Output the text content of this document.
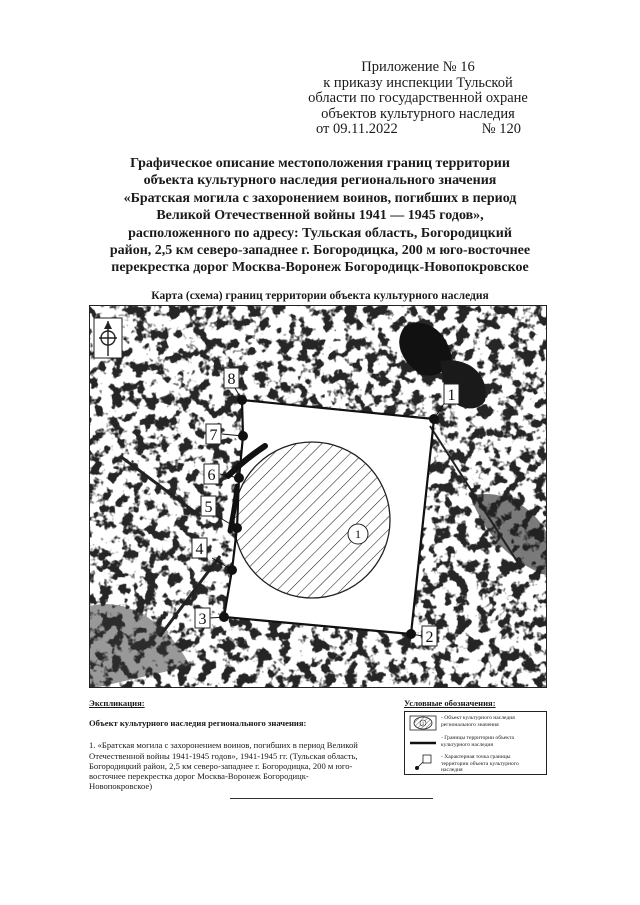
Приложение № 16
к приказу инспекции Тульской
области по государственной охране
объектов культурного наследия
от 09.11.2022	№ 120
Графическое описание местоположения границ территории
объекта культурного наследия регионального значения
«Братская могила с захоронением воинов, погибших в период
Великой Отечественной войны 1941 — 1945 годов»,
расположенного по адресу: Тульская область, Богородицкий
район, 2,5 км северо-западнее г. Богородицка, 200 м юго-восточнее
перекрестка дорог Москва-Воронеж Богородицк-Новопокровское
Карта (схема) границ территории объекта культурного наследия
1
1
2
3
4
5
6
7
8
Экспликация:
Объект культурного наследия регионального значения:
1. «Братская могила с захоронением воинов, погибших в период Великой
Отечественной войны 1941-1945 годов», 1941-1945 гг. (Тульская область,
Богородицкий район, 2,5 км северо-западнее г. Богородицка, 200 м юго-
восточнее перекрестка дорог Москва-Воронеж Богородицк-
Новопокровское)
Условные обозначения:
1
- Объект культурного наследия
регионального значения
- Границы территории объекта
культурного наследия
- Характерная точка границы
территории объекта культурного
наследия
